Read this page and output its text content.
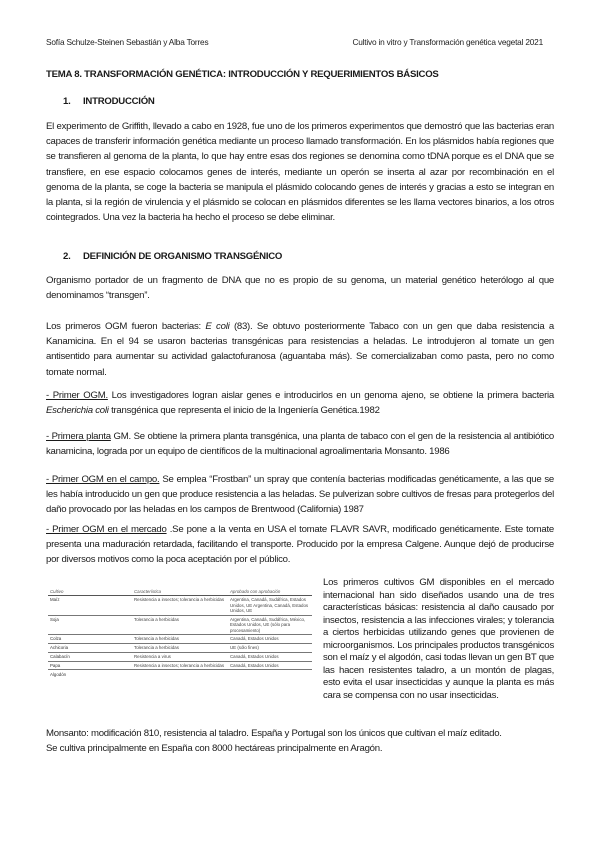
Sofía Schulze-Steinen Sebastián y Alba Torres	Cultivo in vitro y Transformación genética vegetal 2021
TEMA 8. TRANSFORMACIÓN GENÉTICA: INTRODUCCIÓN Y REQUERIMIENTOS BÁSICOS
1. INTRODUCCIÓN

El experimento de Griffith, llevado a cabo en 1928, fue uno de los primeros experimentos que demostró que las bacterias eran capaces de transferir información genética mediante un proceso llamado transformación. En los plásmidos había regiones que se transfieren al genoma de la planta, lo que hay entre esas dos regiones se denomina como tDNA porque es el DNA que se transfiere, en ese espacio colocamos genes de interés, mediante un operón se inserta al azar por recombinación en el genoma de la planta, se coge la bacteria se manipula el plásmido colocando genes de interés y gracias a esto se integran en la planta, si la región de virulencia y el plásmido se colocan en plásmidos diferentes se les llama vectores binarios, a los otros cointegrados. Una vez la bacteria ha hecho el proceso se debe eliminar.

2. DEFINICIÓN DE ORGANISMO TRANSGÉNICO

Organismo portador de un fragmento de DNA que no es propio de su genoma, un material genético heterólogo al que denominamos “transgen”.

Los primeros OGM fueron bacterias: E coli (83). Se obtuvo posteriormente Tabaco con un gen que daba resistencia a Kanamicina. En el 94 se usaron bacterias transgénicas para resistencias a heladas. Le introdujeron al tomate un gen antisentido para aumentar su actividad galactofuranosa (aguantaba más). Se comercializaban como pasta, pero no como tomate normal.

- Primer OGM. Los investigadores logran aislar genes e introducirlos en un genoma ajeno, se obtiene la primera bacteria Escherichia coli transgénica que representa el inicio de la Ingeniería Genética.1982

- Primera planta GM. Se obtiene la primera planta transgénica, una planta de tabaco con el gen de la resistencia al antibiótico kanamicina, lograda por un equipo de científicos de la multinacional agroalimentaria Monsanto. 1986

- Primer OGM en el campo. Se emplea “Frostban” un spray que contenía bacterias modificadas genéticamente, a las que se les había introducido un gen que produce resistencia a las heladas. Se pulverizan sobre cultivos de fresas para protegerlos del daño provocado por las heladas en los campos de Brentwood (California) 1987

- Primer OGM en el mercado .Se pone a la venta en USA el tomate FLAVR SAVR, modificado genéticamente. Este tomate presenta una maduración retardada, facilitando el transporte. Producido por la empresa Calgene. Aunque dejó de producirse por diversos motivos como la poca aceptación por el público.

Cultivo	Característica	Aprobado con aprobación
Maíz	Resistencia a insectos; tolerancia a herbicidas	Argentina, Canadá, Sudáfrica, Estados Unidos, UE Argentina, Canadá, Estados Unidos, UE
Soja	Tolerancia a herbicidas	Argentina, Canadá, Sudáfrica, México, Estados Unidos, UE (sólo para procesamiento)
Colza	Tolerancia a herbicidas	Canadá, Estados Unidos
Achicoria	Tolerancia a herbicidas	UE (sólo fines)
Calabacín	Resistencia a virus	Canadá, Estados Unidos
Papa	Resistencia a insectos; tolerancia a herbicidas	Canadá, Estados Unidos
Algodón		

Los primeros cultivos GM disponibles en el mercado internacional han sido diseñados usando una de tres características básicas: resistencia al daño causado por insectos, resistencia a las infecciones virales; y tolerancia a ciertos herbicidas utilizando genes que provienen de microorganismos. Los principales productos transgénicos son el maíz y el algodón, casi todas llevan un gen BT que las hacen resistentes taladro, a un montón de plagas, esto evita el usar insecticidas y aunque la planta es más cara se compensa con no usar insecticidas.

Monsanto: modificación 810, resistencia al taladro. España y Portugal son los únicos que cultivan el maíz editado.

Se cultiva principalmente en España con 8000 hectáreas principalmente en Aragón.
